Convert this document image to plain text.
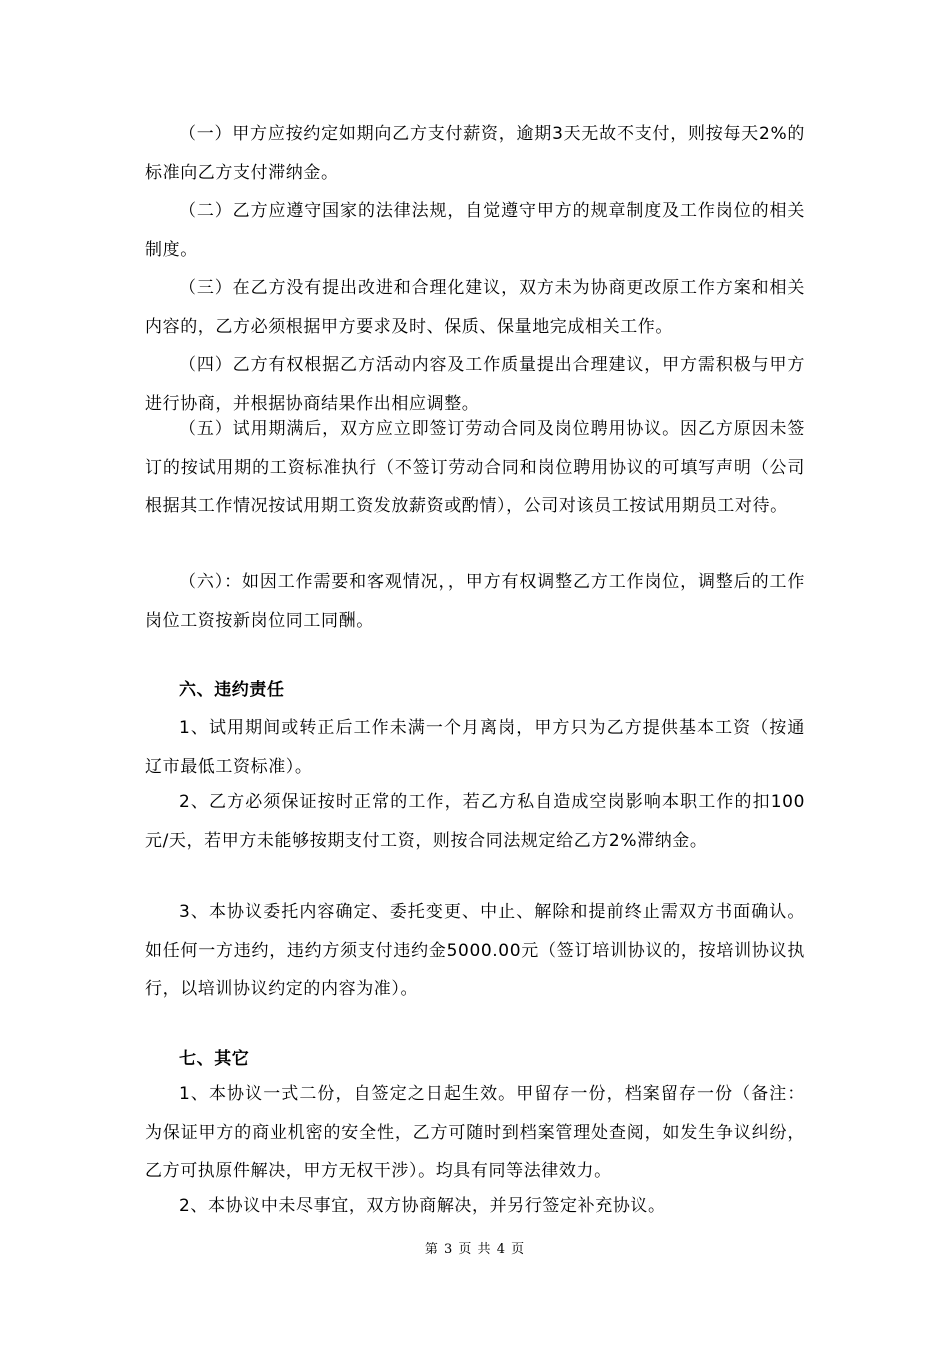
（一）甲方应按约定如期向乙方支付薪资，逾期3天无故不支付，则按每天2%的标准向乙方支付滞纳金。

（二）乙方应遵守国家的法律法规，自觉遵守甲方的规章制度及工作岗位的相关制度。

（三）在乙方没有提出改进和合理化建议，双方未为协商更改原工作方案和相关内容的，乙方必须根据甲方要求及时、保质、保量地完成相关工作。

（四）乙方有权根据乙方活动内容及工作质量提出合理建议，甲方需积极与甲方进行协商，并根据协商结果作出相应调整。

（五）试用期满后，双方应立即签订劳动合同及岗位聘用协议。因乙方原因未签订的按试用期的工资标准执行（不签订劳动合同和岗位聘用协议的可填写声明（公司根据其工作情况按试用期工资发放薪资或酌情），公司对该员工按试用期员工对待。

（六）：如因工作需要和客观情况，，甲方有权调整乙方工作岗位，调整后的工作岗位工资按新岗位同工同酬。

六、违约责任

1、试用期间或转正后工作未满一个月离岗，甲方只为乙方提供基本工资（按通辽市最低工资标准）。

2、乙方必须保证按时正常的工作，若乙方私自造成空岗影响本职工作的扣100元/天，若甲方未能够按期支付工资，则按合同法规定给乙方2%滞纳金。

3、本协议委托内容确定、委托变更、中止、解除和提前终止需双方书面确认。如任何一方违约，违约方须支付违约金5000.00元（签订培训协议的，按培训协议执行，以培训协议约定的内容为准）。

七、其它

1、本协议一式二份，自签定之日起生效。甲留存一份，档案留存一份（备注：为保证甲方的商业机密的安全性，乙方可随时到档案管理处查阅，如发生争议纠纷，乙方可执原件解决，甲方无权干涉）。均具有同等法律效力。

2、本协议中未尽事宜，双方协商解决，并另行签定补充协议。

第 3 页 共 4 页
